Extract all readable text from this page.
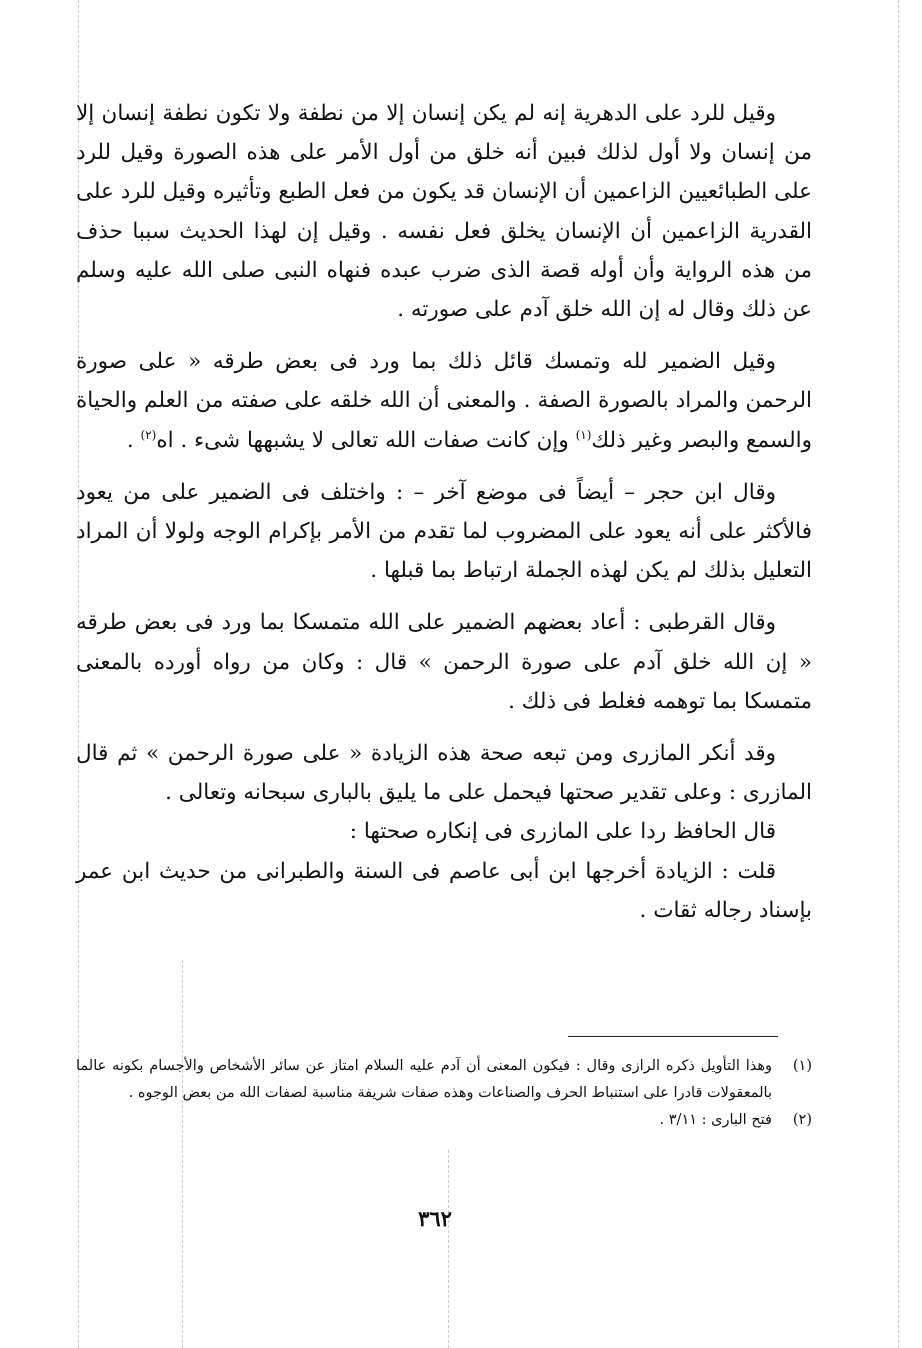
وقيل للرد على الدهرية إنه لم يكن إنسان إلا من نطفة ولا تكون نطفة إنسان إلا من إنسان ولا أول لذلك فبين أنه خلق من أول الأمر على هذه الصورة وقيل للرد على الطبائعيين الزاعمين أن الإنسان قد يكون من فعل الطبع وتأثيره وقيل للرد على القدرية الزاعمين أن الإنسان يخلق فعل نفسه . وقيل إن لهذا الحديث سببا حذف من هذه الرواية وأن أوله قصة الذى ضرب عبده فنهاه النبى صلى الله عليه وسلم عن ذلك وقال له إن الله خلق آدم على صورته .

وقيل الضمير لله وتمسك قائل ذلك بما ورد فى بعض طرقه « على صورة الرحمن والمراد بالصورة الصفة . والمعنى أن الله خلقه على صفته من العلم والحياة والسمع والبصر وغير ذلك$^{(١)}$ وإن كانت صفات الله تعالى لا يشبهها شىء . اه$^{(٢)}$ .

وقال ابن حجر – أيضاً فى موضع آخر – : واختلف فى الضمير على من يعود فالأكثر على أنه يعود على المضروب لما تقدم من الأمر بإكرام الوجه ولولا أن المراد التعليل بذلك لم يكن لهذه الجملة ارتباط بما قبلها .

وقال القرطبى : أعاد بعضهم الضمير على الله متمسكا بما ورد فى بعض طرقه « إن الله خلق آدم على صورة الرحمن » قال : وكان من رواه أورده بالمعنى متمسكا بما توهمه فغلط فى ذلك .

وقد أنكر المازرى ومن تبعه صحة هذه الزيادة « على صورة الرحمن » ثم قال المازرى : وعلى تقدير صحتها فيحمل على ما يليق بالبارى سبحانه وتعالى .

قال الحافظ ردا على المازرى فى إنكاره صحتها :

قلت : الزيادة أخرجها ابن أبى عاصم فى السنة والطبرانى من حديث ابن عمر بإسناد رجاله ثقات .

(١)
وهذا التأويل ذكره الرازى وقال : فيكون المعنى أن آدم عليه السلام امتاز عن سائر الأشخاص والأجسام بكونه عالما بالمعقولات قادرا على استنباط الحرف والصناعات وهذه صفات شريفة مناسبة لصفات الله من بعض الوجوه .

(٢)
فتح البارى : ٣/١١ .

٣٦٢
